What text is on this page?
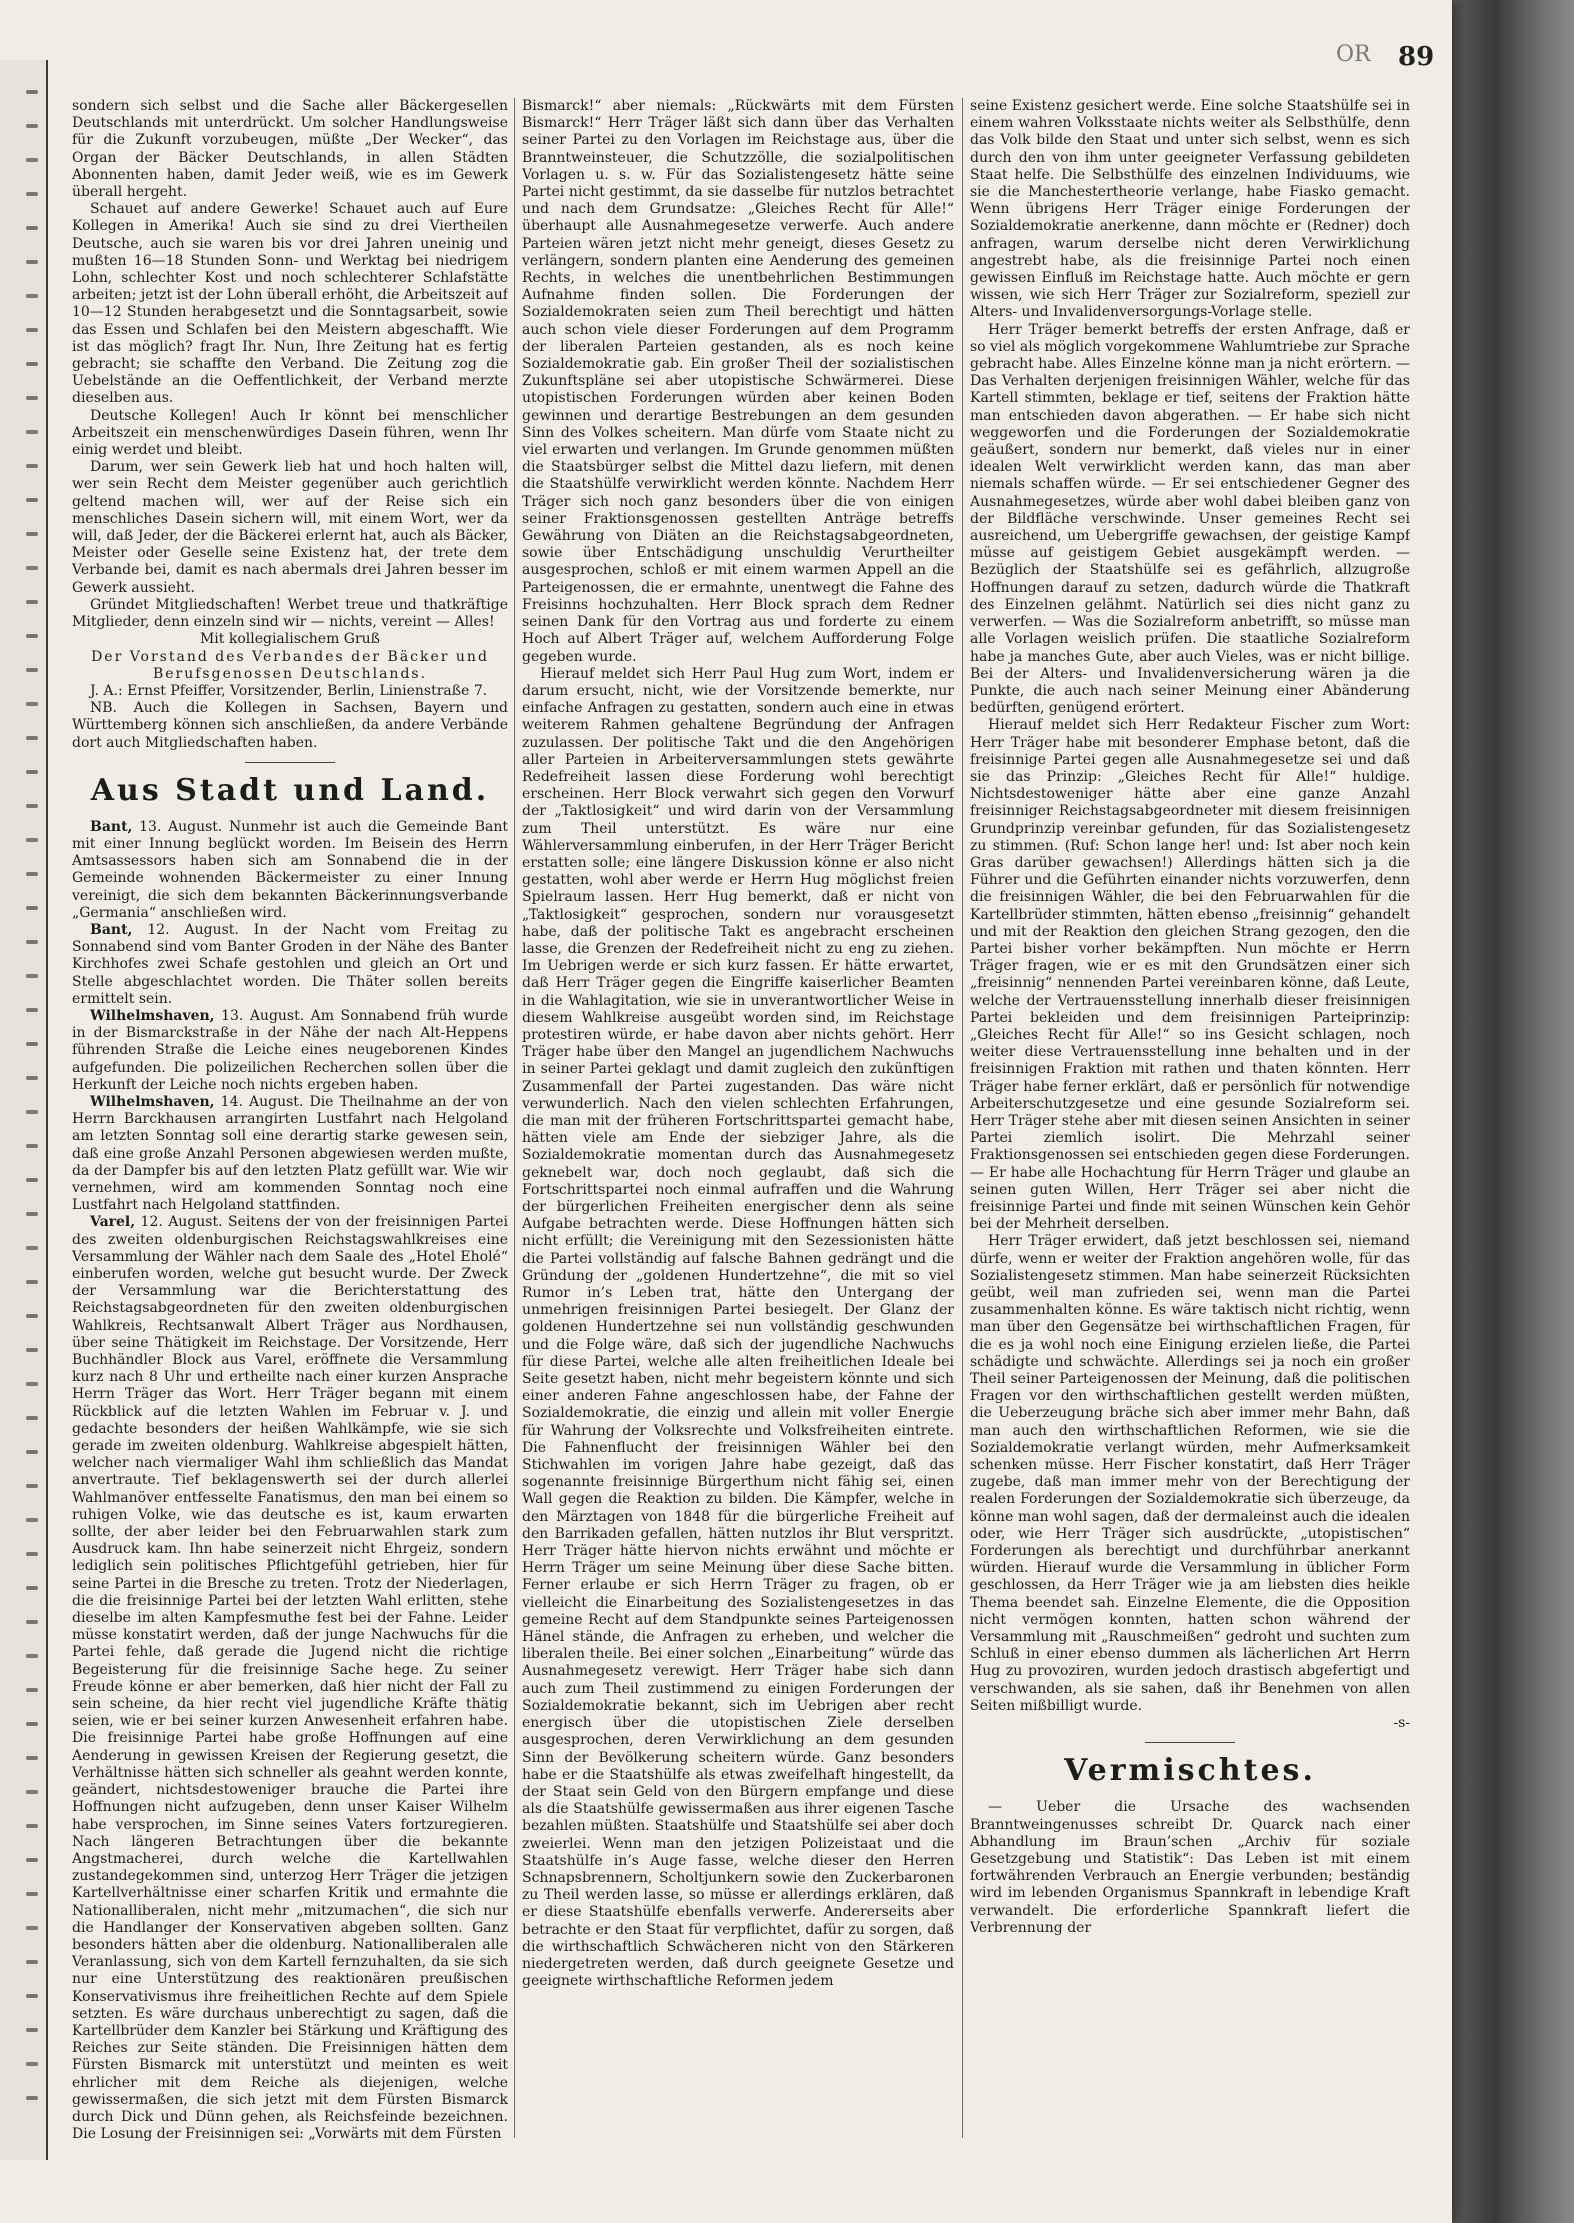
OR 89

sondern sich selbst und die Sache aller Bäckergesellen Deutschlands mit unterdrückt. Um solcher Handlungsweise für die Zukunft vorzubeugen, müßte „Der Wecker“, das Organ der Bäcker Deutschlands, in allen Städten Abonnenten haben, damit Jeder weiß, wie es im Gewerk überall hergeht.

Schauet auf andere Gewerke! Schauet auch auf Eure Kollegen in Amerika! Auch sie sind zu drei Viertheilen Deutsche, auch sie waren bis vor drei Jahren uneinig und mußten 16—18 Stunden Sonn- und Werktag bei niedrigem Lohn, schlechter Kost und noch schlechterer Schlafstätte arbeiten; jetzt ist der Lohn überall erhöht, die Arbeitszeit auf 10—12 Stunden herabgesetzt und die Sonntagsarbeit, sowie das Essen und Schlafen bei den Meistern abgeschafft. Wie ist das möglich? fragt Ihr. Nun, Ihre Zeitung hat es fertig gebracht; sie schaffte den Verband. Die Zeitung zog die Uebelstände an die Oeffentlichkeit, der Verband merzte dieselben aus.

Deutsche Kollegen! Auch Ir könnt bei menschlicher Arbeitszeit ein menschenwürdiges Dasein führen, wenn Ihr einig werdet und bleibt.

Darum, wer sein Gewerk lieb hat und hoch halten will, wer sein Recht dem Meister gegenüber auch gerichtlich geltend machen will, wer auf der Reise sich ein menschliches Dasein sichern will, mit einem Wort, wer da will, daß Jeder, der die Bäckerei erlernt hat, auch als Bäcker, Meister oder Geselle seine Existenz hat, der trete dem Verbande bei, damit es nach abermals drei Jahren besser im Gewerk aussieht.

Gründet Mitgliedschaften! Werbet treue und thatkräftige Mitglieder, denn einzeln sind wir — nichts, vereint — Alles!

Mit kollegialischem Gruß

Der Vorstand des Verbandes der Bäcker und Berufsgenossen Deutschlands.

J. A.: Ernst Pfeiffer, Vorsitzender, Berlin, Linienstraße 7.

NB. Auch die Kollegen in Sachsen, Bayern und Württemberg können sich anschließen, da andere Verbände dort auch Mitgliedschaften haben.

Aus Stadt und Land.

Bant, 13. August. Nunmehr ist auch die Gemeinde Bant mit einer Innung beglückt worden. Im Beisein des Herrn Amtsassessors haben sich am Sonnabend die in der Gemeinde wohnenden Bäckermeister zu einer Innung vereinigt, die sich dem bekannten Bäckerinnungsverbande „Germania“ anschließen wird.

Bant, 12. August. In der Nacht vom Freitag zu Sonnabend sind vom Banter Groden in der Nähe des Banter Kirchhofes zwei Schafe gestohlen und gleich an Ort und Stelle abgeschlachtet worden. Die Thäter sollen bereits ermittelt sein.

Wilhelmshaven, 13. August. Am Sonnabend früh wurde in der Bismarckstraße in der Nähe der nach Alt-Heppens führenden Straße die Leiche eines neugeborenen Kindes aufgefunden. Die polizeilichen Recherchen sollen über die Herkunft der Leiche noch nichts ergeben haben.

Wilhelmshaven, 14. August. Die Theilnahme an der von Herrn Barckhausen arrangirten Lustfahrt nach Helgoland am letzten Sonntag soll eine derartig starke gewesen sein, daß eine große Anzahl Personen abgewiesen werden mußte, da der Dampfer bis auf den letzten Platz gefüllt war. Wie wir vernehmen, wird am kommenden Sonntag noch eine Lustfahrt nach Helgoland stattfinden.

Varel, 12. August. Seitens der von der freisinnigen Partei des zweiten oldenburgischen Reichstagswahlkreises eine Versammlung der Wähler nach dem Saale des „Hotel Eholé“ einberufen worden, welche gut besucht wurde. Der Zweck der Versammlung war die Berichterstattung des Reichstagsabgeordneten für den zweiten oldenburgischen Wahlkreis, Rechtsanwalt Albert Träger aus Nordhausen, über seine Thätigkeit im Reichstage. Der Vorsitzende, Herr Buchhändler Block aus Varel, eröffnete die Versammlung kurz nach 8 Uhr und ertheilte nach einer kurzen Ansprache Herrn Träger das Wort. Herr Träger begann mit einem Rückblick auf die letzten Wahlen im Februar v. J. und gedachte besonders der heißen Wahlkämpfe, wie sie sich gerade im zweiten oldenburg. Wahlkreise abgespielt hätten, welcher nach viermaliger Wahl ihm schließlich das Mandat anvertraute. Tief beklagenswerth sei der durch allerlei Wahlmanöver entfesselte Fanatismus, den man bei einem so ruhigen Volke, wie das deutsche es ist, kaum erwarten sollte, der aber leider bei den Februarwahlen stark zum Ausdruck kam. Ihn habe seinerzeit nicht Ehrgeiz, sondern lediglich sein politisches Pflichtgefühl getrieben, hier für seine Partei in die Bresche zu treten. Trotz der Niederlagen, die die freisinnige Partei bei der letzten Wahl erlitten, stehe dieselbe im alten Kampfesmuthe fest bei der Fahne. Leider müsse konstatirt werden, daß der junge Nachwuchs für die Partei fehle, daß gerade die Jugend nicht die richtige Begeisterung für die freisinnige Sache hege. Zu seiner Freude könne er aber bemerken, daß hier nicht der Fall zu sein scheine, da hier recht viel jugendliche Kräfte thätig seien, wie er bei seiner kurzen Anwesenheit erfahren habe. Die freisinnige Partei habe große Hoffnungen auf eine Aenderung in gewissen Kreisen der Regierung gesetzt, die Verhältnisse hätten sich schneller als geahnt werden konnte, geändert, nichtsdestoweniger brauche die Partei ihre Hoffnungen nicht aufzugeben, denn unser Kaiser Wilhelm habe versprochen, im Sinne seines Vaters fortzuregieren. Nach längeren Betrachtungen über die bekannte Angstmacherei, durch welche die Kartellwahlen zustandegekommen sind, unterzog Herr Träger die jetzigen Kartellverhältnisse einer scharfen Kritik und ermahnte die Nationalliberalen, nicht mehr „mitzumachen“, die sich nur die Handlanger der Konservativen abgeben sollten. Ganz besonders hätten aber die oldenburg. Nationalliberalen alle Veranlassung, sich von dem Kartell fernzuhalten, da sie sich nur eine Unterstützung des reaktionären preußischen Konservativismus ihre freiheitlichen Rechte auf dem Spiele setzten. Es wäre durchaus unberechtigt zu sagen, daß die Kartellbrüder dem Kanzler bei Stärkung und Kräftigung des Reiches zur Seite ständen. Die Freisinnigen hätten dem Fürsten Bismarck mit unterstützt und meinten es weit ehrlicher mit dem Reiche als diejenigen, welche gewissermaßen, die sich jetzt mit dem Fürsten Bismarck durch Dick und Dünn gehen, als Reichsfeinde bezeichnen. Die Losung der Freisinnigen sei: „Vorwärts mit dem Fürsten

Bismarck!“ aber niemals: „Rückwärts mit dem Fürsten Bismarck!“ Herr Träger läßt sich dann über das Verhalten seiner Partei zu den Vorlagen im Reichstage aus, über die Branntweinsteuer, die Schutzzölle, die sozialpolitischen Vorlagen u. s. w. Für das Sozialistengesetz hätte seine Partei nicht gestimmt, da sie dasselbe für nutzlos betrachtet und nach dem Grundsatze: „Gleiches Recht für Alle!“ überhaupt alle Ausnahmegesetze verwerfe. Auch andere Parteien wären jetzt nicht mehr geneigt, dieses Gesetz zu verlängern, sondern planten eine Aenderung des gemeinen Rechts, in welches die unentbehrlichen Bestimmungen Aufnahme finden sollen. Die Forderungen der Sozialdemokraten seien zum Theil berechtigt und hätten auch schon viele dieser Forderungen auf dem Programm der liberalen Parteien gestanden, als es noch keine Sozialdemokratie gab. Ein großer Theil der sozialistischen Zukunftspläne sei aber utopistische Schwärmerei. Diese utopistischen Forderungen würden aber keinen Boden gewinnen und derartige Bestrebungen an dem gesunden Sinn des Volkes scheitern. Man dürfe vom Staate nicht zu viel erwarten und verlangen. Im Grunde genommen müßten die Staatsbürger selbst die Mittel dazu liefern, mit denen die Staatshülfe verwirklicht werden könnte. Nachdem Herr Träger sich noch ganz besonders über die von einigen seiner Fraktionsgenossen gestellten Anträge betreffs Gewährung von Diäten an die Reichstagsabgeordneten, sowie über Entschädigung unschuldig Verurtheilter ausgesprochen, schloß er mit einem warmen Appell an die Parteigenossen, die er ermahnte, unentwegt die Fahne des Freisinns hochzuhalten. Herr Block sprach dem Redner seinen Dank für den Vortrag aus und forderte zu einem Hoch auf Albert Träger auf, welchem Aufforderung Folge gegeben wurde.

Hierauf meldet sich Herr Paul Hug zum Wort, indem er darum ersucht, nicht, wie der Vorsitzende bemerkte, nur einfache Anfragen zu gestatten, sondern auch eine in etwas weiterem Rahmen gehaltene Begründung der Anfragen zuzulassen. Der politische Takt und die den Angehörigen aller Parteien in Arbeiterversammlungen stets gewährte Redefreiheit lassen diese Forderung wohl berechtigt erscheinen. Herr Block verwahrt sich gegen den Vorwurf der „Taktlosigkeit“ und wird darin von der Versammlung zum Theil unterstützt. Es wäre nur eine Wählerversammlung einberufen, in der Herr Träger Bericht erstatten solle; eine längere Diskussion könne er also nicht gestatten, wohl aber werde er Herrn Hug möglichst freien Spielraum lassen. Herr Hug bemerkt, daß er nicht von „Taktlosigkeit“ gesprochen, sondern nur vorausgesetzt habe, daß der politische Takt es angebracht erscheinen lasse, die Grenzen der Redefreiheit nicht zu eng zu ziehen. Im Uebrigen werde er sich kurz fassen. Er hätte erwartet, daß Herr Träger gegen die Eingriffe kaiserlicher Beamten in die Wahlagitation, wie sie in unverantwortlicher Weise in diesem Wahlkreise ausgeübt worden sind, im Reichstage protestiren würde, er habe davon aber nichts gehört. Herr Träger habe über den Mangel an jugendlichem Nachwuchs in seiner Partei geklagt und damit zugleich den zukünftigen Zusammenfall der Partei zugestanden. Das wäre nicht verwunderlich. Nach den vielen schlechten Erfahrungen, die man mit der früheren Fortschrittspartei gemacht habe, hätten viele am Ende der siebziger Jahre, als die Sozialdemokratie momentan durch das Ausnahmegesetz geknebelt war, doch noch geglaubt, daß sich die Fortschrittspartei noch einmal aufraffen und die Wahrung der bürgerlichen Freiheiten energischer denn als seine Aufgabe betrachten werde. Diese Hoffnungen hätten sich nicht erfüllt; die Vereinigung mit den Sezessionisten hätte die Partei vollständig auf falsche Bahnen gedrängt und die Gründung der „goldenen Hundertzehne“, die mit so viel Rumor in’s Leben trat, hätte den Untergang der unmehrigen freisinnigen Partei besiegelt. Der Glanz der goldenen Hundertzehne sei nun vollständig geschwunden und die Folge wäre, daß sich der jugendliche Nachwuchs für diese Partei, welche alle alten freiheitlichen Ideale bei Seite gesetzt haben, nicht mehr begeistern könnte und sich einer anderen Fahne angeschlossen habe, der Fahne der Sozialdemokratie, die einzig und allein mit voller Energie für Wahrung der Volksrechte und Volksfreiheiten eintrete. Die Fahnenflucht der freisinnigen Wähler bei den Stichwahlen im vorigen Jahre habe gezeigt, daß das sogenannte freisinnige Bürgerthum nicht fähig sei, einen Wall gegen die Reaktion zu bilden. Die Kämpfer, welche in den Märztagen von 1848 für die bürgerliche Freiheit auf den Barrikaden gefallen, hätten nutzlos ihr Blut verspritzt. Herr Träger hätte hiervon nichts erwähnt und möchte er Herrn Träger um seine Meinung über diese Sache bitten. Ferner erlaube er sich Herrn Träger zu fragen, ob er vielleicht die Einarbeitung des Sozialistengesetzes in das gemeine Recht auf dem Standpunkte seines Parteigenossen Hänel stände, die Anfragen zu erheben, und welcher die liberalen theile. Bei einer solchen „Einarbeitung“ würde das Ausnahmegesetz verewigt. Herr Träger habe sich dann auch zum Theil zustimmend zu einigen Forderungen der Sozialdemokratie bekannt, sich im Uebrigen aber recht energisch über die utopistischen Ziele derselben ausgesprochen, deren Verwirklichung an dem gesunden Sinn der Bevölkerung scheitern würde. Ganz besonders habe er die Staatshülfe als etwas zweifelhaft hingestellt, da der Staat sein Geld von den Bürgern empfange und diese als die Staatshülfe gewissermaßen aus ihrer eigenen Tasche bezahlen müßten. Staatshülfe und Staatshülfe sei aber doch zweierlei. Wenn man den jetzigen Polizeistaat und die Staatshülfe in’s Auge fasse, welche dieser den Herren Schnapsbrennern, Scholtjunkern sowie den Zuckerbaronen zu Theil werden lasse, so müsse er allerdings erklären, daß er diese Staatshülfe ebenfalls verwerfe. Andererseits aber betrachte er den Staat für verpflichtet, dafür zu sorgen, daß die wirthschaftlich Schwächeren nicht von den Stärkeren niedergetreten werden, daß durch geeignete Gesetze und geeignete wirthschaftliche Reformen jedem

seine Existenz gesichert werde. Eine solche Staatshülfe sei in einem wahren Volksstaate nichts weiter als Selbsthülfe, denn das Volk bilde den Staat und unter sich selbst, wenn es sich durch den von ihm unter geeigneter Verfassung gebildeten Staat helfe. Die Selbsthülfe des einzelnen Individuums, wie sie die Manchesterthеorie verlange, habe Fiasko gemacht. Wenn übrigens Herr Träger einige Forderungen der Sozialdemokratie anerkenne, dann möchte er (Redner) doch anfragen, warum derselbe nicht deren Verwirklichung angestrebt habe, als die freisinnige Partei noch einen gewissen Einfluß im Reichstage hatte. Auch möchte er gern wissen, wie sich Herr Träger zur Sozialreform, speziell zur Alters- und Invalidenversorgungs-Vorlage stelle.

Herr Träger bemerkt betreffs der ersten Anfrage, daß er so viel als möglich vorgekommene Wahlumtriebe zur Sprache gebracht habe. Alles Einzelne könne man ja nicht erörtern. — Das Verhalten derjenigen freisinnigen Wähler, welche für das Kartell stimmten, beklage er tief, seitens der Fraktion hätte man entschieden davon abgerathen. — Er habe sich nicht weggeworfen und die Forderungen der Sozialdemokratie geäußert, sondern nur bemerkt, daß vieles nur in einer idealen Welt verwirklicht werden kann, das man aber niemals schaffen würde. — Er sei entschiedener Gegner des Ausnahmegesetzes, würde aber wohl dabei bleiben ganz von der Bildfläche verschwinde. Unser gemeines Recht sei ausreichend, um Uebergriffe gewachsen, der geistige Kampf müsse auf geistigem Gebiet ausgekämpft werden. — Bezüglich der Staatshülfe sei es gefährlich, allzugroße Hoffnungen darauf zu setzen, dadurch würde die Thatkraft des Einzelnen gelähmt. Natürlich sei dies nicht ganz zu verwerfen. — Was die Sozialreform anbetrifft, so müsse man alle Vorlagen weislich prüfen. Die staatliche Sozialreform habe ja manches Gute, aber auch Vieles, was er nicht billige. Bei der Alters- und Invalidenversicherung wären ja die Punkte, die auch nach seiner Meinung einer Abänderung bedürften, genügend erörtert.

Hierauf meldet sich Herr Redakteur Fischer zum Wort: Herr Träger habe mit besonderer Emphase betont, daß die freisinnige Partei gegen alle Ausnahmegesetze sei und daß sie das Prinzip: „Gleiches Recht für Alle!“ huldige. Nichtsdestoweniger hätte aber eine ganze Anzahl freisinniger Reichstagsabgeordneter mit diesem freisinnigen Grundprinzip vereinbar gefunden, für das Sozialistengesetz zu stimmen. (Ruf: Schon lange her! und: Ist aber noch kein Gras darüber gewachsen!) Allerdings hätten sich ja die Führer und die Geführten einander nichts vorzuwerfen, denn die freisinnigen Wähler, die bei den Februarwahlen für die Kartellbrüder stimmten, hätten ebenso „freisinnig“ gehandelt und mit der Reaktion den gleichen Strang gezogen, den die Partei bisher vorher bekämpften. Nun möchte er Herrn Träger fragen, wie er es mit den Grundsätzen einer sich „freisinnig“ nennenden Partei vereinbaren könne, daß Leute, welche der Vertrauensstellung innerhalb dieser freisinnigen Partei bekleiden und dem freisinnigen Parteiprinzip: „Gleiches Recht für Alle!“ so ins Gesicht schlagen, noch weiter diese Vertrauensstellung inne behalten und in der freisinnigen Fraktion mit rathen und thaten könnten. Herr Träger habe ferner erklärt, daß er persönlich für notwendige Arbeiterschutzgesetze und eine gesunde Sozialreform sei. Herr Träger stehe aber mit diesen seinen Ansichten in seiner Partei ziemlich isolirt. Die Mehrzahl seiner Fraktionsgenossen sei entschieden gegen diese Forderungen. — Er habe alle Hochachtung für Herrn Träger und glaube an seinen guten Willen, Herr Träger sei aber nicht die freisinnige Partei und finde mit seinen Wünschen kein Gehör bei der Mehrheit derselben.

Herr Träger erwidert, daß jetzt beschlossen sei, niemand dürfe, wenn er weiter der Fraktion angehören wolle, für das Sozialistengesetz stimmen. Man habe seinerzeit Rücksichten geübt, weil man zufrieden sei, wenn man die Partei zusammenhalten könne. Es wäre taktisch nicht richtig, wenn man über den Gegensätze bei wirthschaftlichen Fragen, für die es ja wohl noch eine Einigung erzielen ließe, die Partei schädigte und schwächte. Allerdings sei ja noch ein großer Theil seiner Parteigenossen der Meinung, daß die politischen Fragen vor den wirthschaftlichen gestellt werden müßten, die Ueberzeugung bräche sich aber immer mehr Bahn, daß man auch den wirthschaftlichen Reformen, wie sie die Sozialdemokratie verlangt würden, mehr Aufmerksamkeit schenken müsse. Herr Fischer konstatirt, daß Herr Träger zugebe, daß man immer mehr von der Berechtigung der realen Forderungen der Sozialdemokratie sich überzeuge, da könne man wohl sagen, daß der dermaleinst auch die idealen oder, wie Herr Träger sich ausdrückte, „utopistischen“ Forderungen als berechtigt und durchführbar anerkannt würden. Hierauf wurde die Versammlung in üblicher Form geschlossen, da Herr Träger wie ja am liebsten dies heikle Thema beendet sah. Einzelne Elemente, die die Opposition nicht vermögen konnten, hatten schon während der Versammlung mit „Rauschmeißen“ gedroht und suchten zum Schluß in einer ebenso dummen als lächerlichen Art Herrn Hug zu provoziren, wurden jedoch drastisch abgefertigt und verschwanden, als sie sahen, daß ihr Benehmen von allen Seiten mißbilligt wurde.

-s-

Vermischtes.

— Ueber die Ursache des wachsenden Branntweingenusses schreibt Dr. Quarck nach einer Abhandlung im Braun’schen „Archiv für soziale Gesetzgebung und Statistik“: Das Leben ist mit einem fortwährenden Verbrauch an Energie verbunden; beständig wird im lebenden Organismus Spannkraft in lebendige Kraft verwandelt. Die erforderliche Spannkraft liefert die Verbrennung der
